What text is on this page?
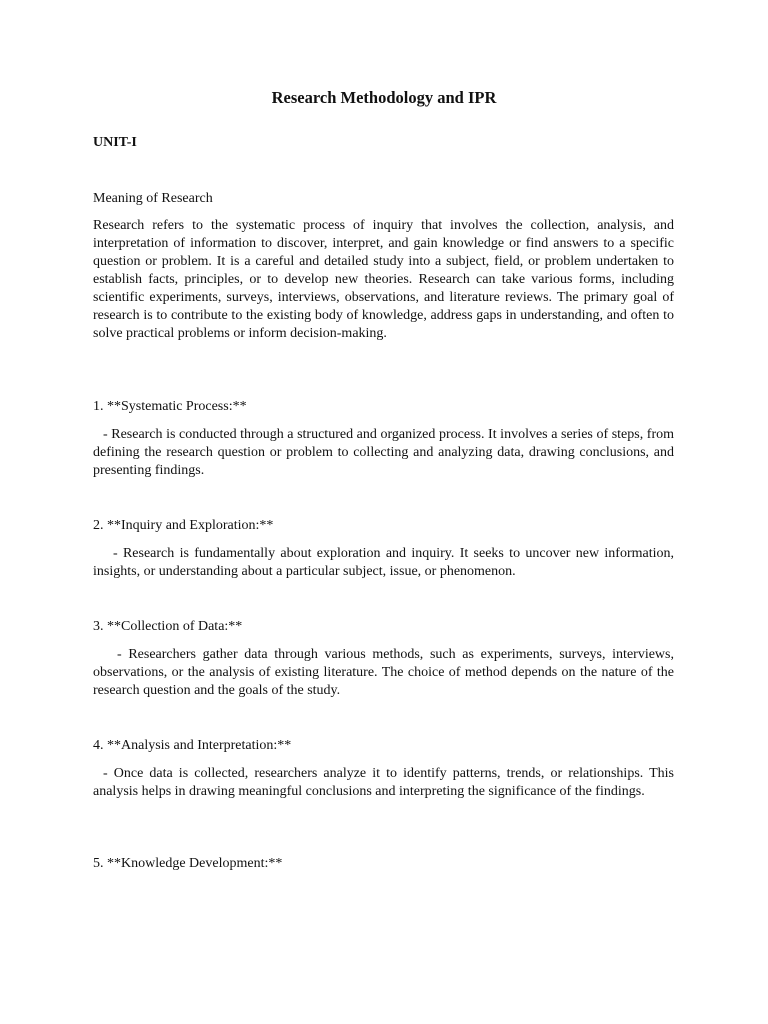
Research Methodology and IPR
UNIT-I
Meaning of Research

Research refers to the systematic process of inquiry that involves the collection, analysis, and interpretation of information to discover, interpret, and gain knowledge or find answers to a specific question or problem. It is a careful and detailed study into a subject, field, or problem undertaken to establish facts, principles, or to develop new theories. Research can take various forms, including scientific experiments, surveys, interviews, observations, and literature reviews. The primary goal of research is to contribute to the existing body of knowledge, address gaps in understanding, and often to solve practical problems or inform decision-making.

1. **Systematic Process:**

- Research is conducted through a structured and organized process. It involves a series of steps, from defining the research question or problem to collecting and analyzing data, drawing conclusions, and presenting findings.

2. **Inquiry and Exploration:**

- Research is fundamentally about exploration and inquiry. It seeks to uncover new information, insights, or understanding about a particular subject, issue, or phenomenon.

3. **Collection of Data:**

- Researchers gather data through various methods, such as experiments, surveys, interviews, observations, or the analysis of existing literature. The choice of method depends on the nature of the research question and the goals of the study.

4. **Analysis and Interpretation:**

- Once data is collected, researchers analyze it to identify patterns, trends, or relationships. This analysis helps in drawing meaningful conclusions and interpreting the significance of the findings.

5. **Knowledge Development:**
